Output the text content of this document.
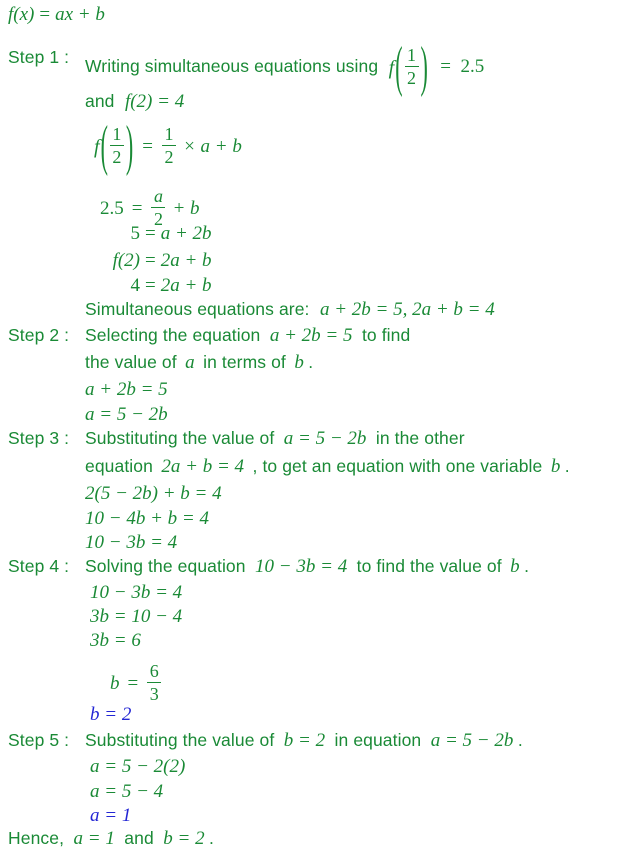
f(x) = ax + b
Step 1 : Writing simultaneous equations using f ( $\frac{1}{2}$ ) = 2.5
and f(2) = 4
f ( $\frac{1}{2}$ ) = $\frac{1}{2} \times a + b$
$2.5 = \frac{a}{2} + b$
5 = a + 2b
f(2) = 2a + b
4 = 2a + b
Simultaneous equations are: a + 2b = 5, 2a + b = 4
Step 2 : Selecting the equation a + 2b = 5 to find
the value of a in terms of b .
a + 2b = 5
a = 5 − 2b
Step 3 : Substituting the value of a = 5 − 2b in the other
equation 2a + b = 4 , to get an equation with one variable b .
2(5 − 2b) + b = 4
10 − 4b + b = 4
10 − 3b = 4
Step 4 : Solving the equation 10 − 3b = 4 to find the value of b .
10 − 3b = 4
3b = 10 − 4
3b = 6
$b = \frac{6}{3}$
b = 2
Step 5 : Substituting the value of b = 2 in equation a = 5 − 2b .
a = 5 − 2(2)
a = 5 − 4
a = 1
Hence, a = 1 and b = 2 .
